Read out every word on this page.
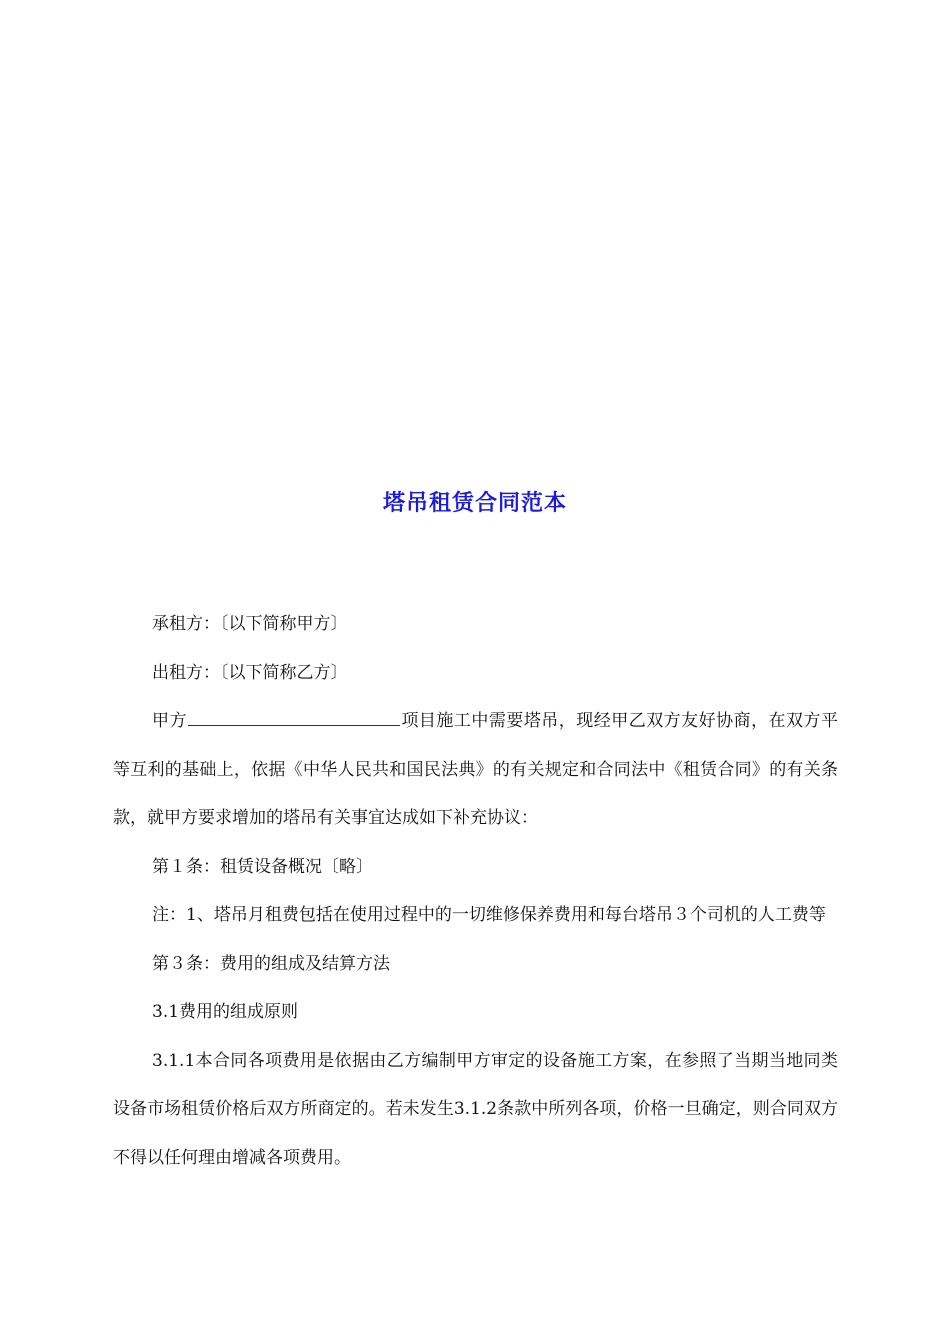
塔吊租赁合同范本

承租方：〔以下简称甲方〕

出租方：〔以下简称乙方〕

甲方	项目施工中需要塔吊，现经甲乙双方友好协商，在双方平等互利的基础上，依据《中华人民共和国民法典》的有关规定和合同法中《租赁合同》的有关条款，就甲方要求增加的塔吊有关事宜达成如下补充协议：

第１条：租赁设备概况〔略〕

注：1、塔吊月租费包括在使用过程中的一切维修保养费用和每台塔吊３个司机的人工费等

第３条：费用的组成及结算方法

3.1费用的组成原则

3.1.1本合同各项费用是依据由乙方编制甲方审定的设备施工方案，在参照了当期当地同类设备市场租赁价格后双方所商定的。若未发生3.1.2条款中所列各项，价格一旦确定，则合同双方不得以任何理由增减各项费用。
